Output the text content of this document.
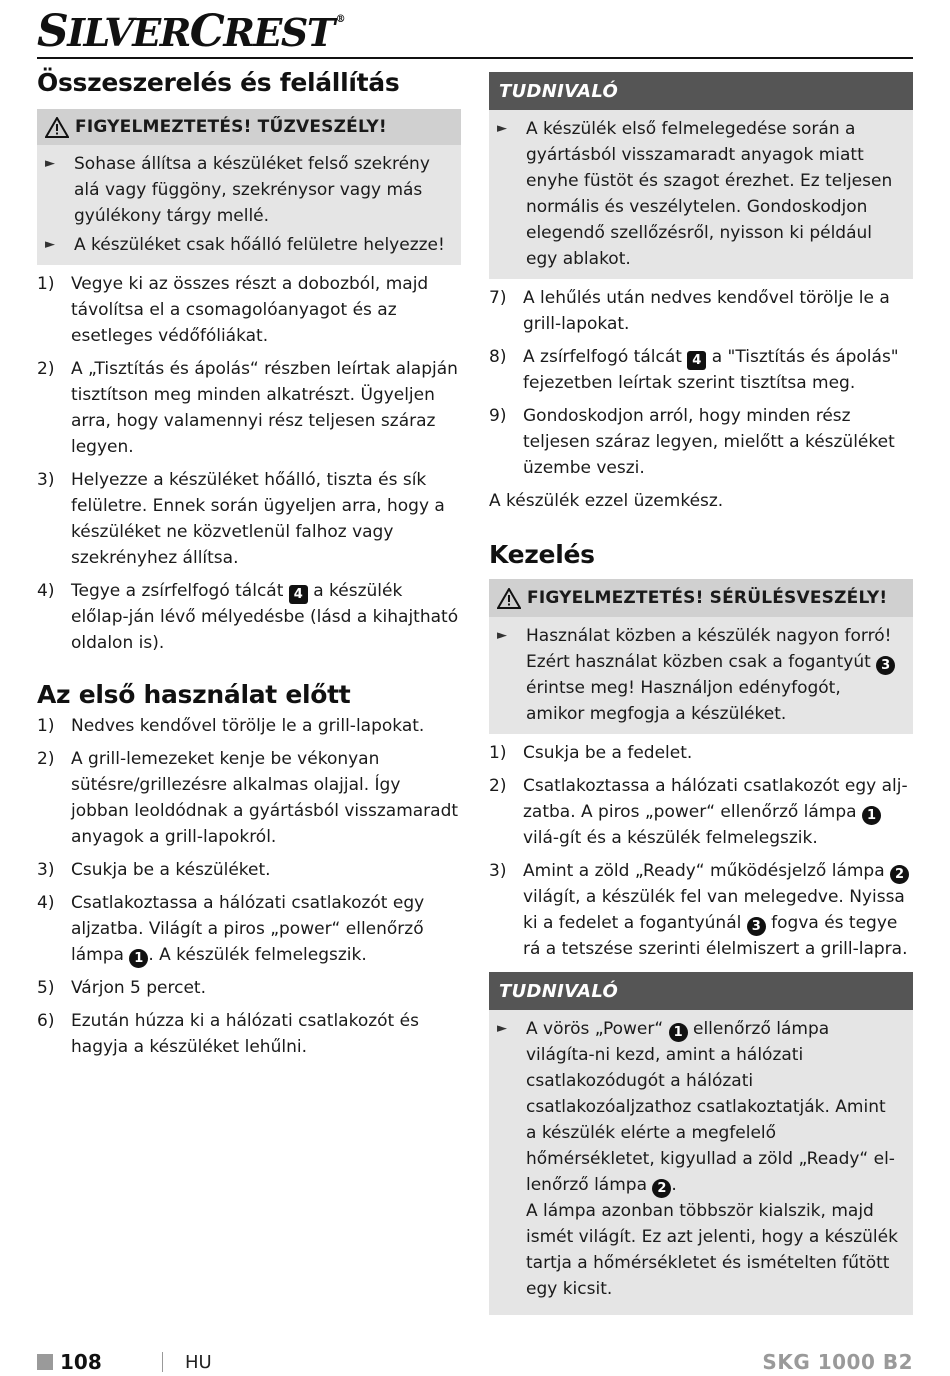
SILVERCREST ®
Összeszerelés és felállítás
FIGYELMEZTETÉS! TŰZVESZÉLY!
►	Sohase állítsa a készüléket felső szekrény alá vagy függöny, szekrénysor vagy más gyúlékony tárgy mellé.
►	A készüléket csak hőálló felületre helyezze!
1) Vegye ki az összes részt a dobozból, majd távolítsa el a csomagolóanyagot és az esetleges védőfóliákat.
2) A „Tisztítás és ápolás“ részben leírtak alapján tisztítson meg minden alkatrészt. Ügyeljen arra, hogy valamennyi rész teljesen száraz legyen.
3) Helyezze a készüléket hőálló, tiszta és sík felületre. Ennek során ügyeljen arra, hogy a készüléket ne közvetlenül falhoz vagy szekrényhez állítsa.
4) Tegye a zsírfelfogó tálcát 4 a készülék előlap-ján lévő mélyedésbe (lásd a kihajtható oldalon is).
Az első használat előtt
1) Nedves kendővel törölje le a grill-lapokat.
2) A grill-lemezeket kenje be vékonyan sütésre/grillezésre alkalmas olajjal. Így jobban leoldódnak a gyártásból visszamaradt anyagok a grill-lapokról.
3) Csukja be a készüléket.
4) Csatlakoztassa a hálózati csatlakozót egy aljzatba. Világít a piros „power“ ellenőrző lámpa 1 . A készülék felmelegszik.
5) Várjon 5 percet.
6) Ezután húzza ki a hálózati csatlakozót és hagyja a készüléket lehűlni.
TUDNIVALÓ
►	A készülék első felmelegedése során a gyártásból visszamaradt anyagok miatt enyhe füstöt és szagot érezhet. Ez teljesen normális és veszélytelen. Gondoskodjon elegendő szellőzésről, nyisson ki például egy ablakot.
7) A lehűlés után nedves kendővel törölje le a grill-lapokat.
8) A zsírfelfogó tálcát 4 a "Tisztítás és ápolás" fejezetben leírtak szerint tisztítsa meg.
9) Gondoskodjon arról, hogy minden rész teljesen száraz legyen, mielőtt a készüléket üzembe veszi.
A készülék ezzel üzemkész.
Kezelés
FIGYELMEZTETÉS! SÉRÜLÉSVESZÉLY!
►	Használat közben a készülék nagyon forró! Ezért használat közben csak a fogantyút 3 érintse meg! Használjon edényfogót, amikor megfogja a készüléket.
1) Csukja be a fedelet.
2) Csatlakoztassa a hálózati csatlakozót egy alj-zatba. A piros „power“ ellenőrző lámpa 1 vilá-gít és a készülék felmelegszik.
3) Amint a zöld „Ready“ működésjelző lámpa 2 világít, a készülék fel van melegedve. Nyissa ki a fedelet a fogantyúnál 3 fogva és tegye rá a tetszése szerinti élelmiszert a grill-lapra.
TUDNIVALÓ
►	A vörös „Power“ 1 ellenőrző lámpa világíta-ni kezd, amint a hálózati csatlakozódugót a hálózati csatlakozóaljzathoz csatlakoztatják. Amint a készülék elérte a megfelelő hőmérsékletet, kigyullad a zöld „Ready“ el-lenőrző lámpa 2 .
A lámpa azonban többször kialszik, majd ismét világít. Ez azt jelenti, hogy a készülék tartja a hőmérsékletet és ismételten fűtött egy kicsit.
108	HU	SKG 1000 B2
